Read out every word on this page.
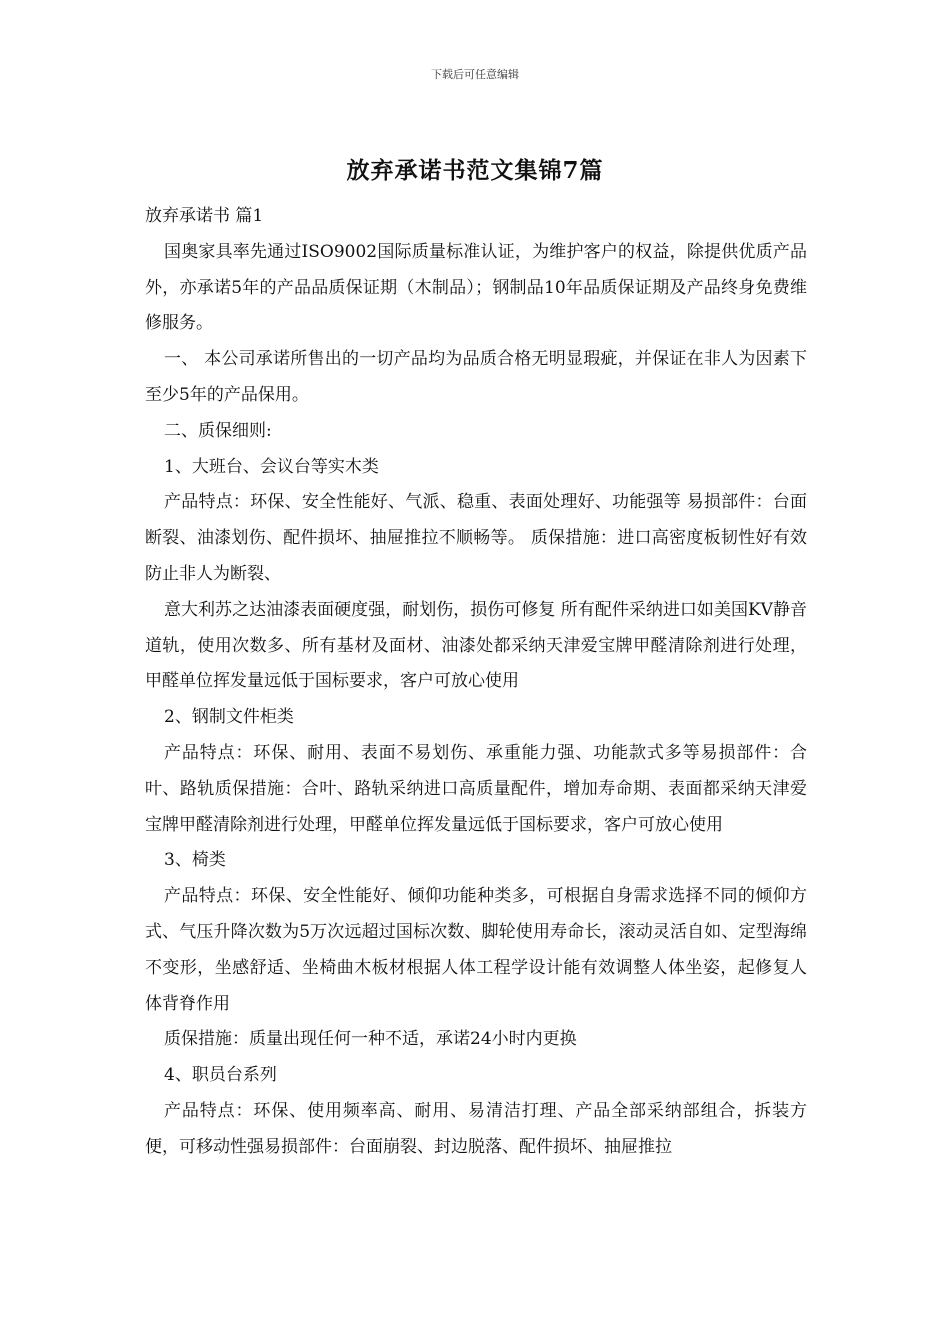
下载后可任意编辑
放弃承诺书范文集锦7篇

放弃承诺书 篇1

国奥家具率先通过ISO9002国际质量标准认证，为维护客户的权益，除提供优质产品外，亦承诺5年的产品品质保证期（木制品）；钢制品10年品质保证期及产品终身免费维修服务。

一、 本公司承诺所售出的一切产品均为品质合格无明显瑕疵，并保证在非人为因素下至少5年的产品保用。

二、质保细则:

1、大班台、会议台等实木类

产品特点：环保、安全性能好、气派、稳重、表面处理好、功能强等 易损部件：台面断裂、油漆划伤、配件损坏、抽屉推拉不顺畅等。 质保措施：进口高密度板韧性好有效防止非人为断裂、

意大利苏之达油漆表面硬度强，耐划伤，损伤可修复 所有配件采纳进口如美国KV静音道轨，使用次数多、所有基材及面材、油漆处都采纳天津爱宝牌甲醛清除剂进行处理，甲醛单位挥发量远低于国标要求，客户可放心使用

2、钢制文件柜类

产品特点：环保、耐用、表面不易划伤、承重能力强、功能款式多等易损部件：合叶、路轨质保措施：合叶、路轨采纳进口高质量配件，增加寿命期、表面都采纳天津爱宝牌甲醛清除剂进行处理，甲醛单位挥发量远低于国标要求，客户可放心使用

3、椅类

产品特点：环保、安全性能好、倾仰功能种类多，可根据自身需求选择不同的倾仰方式、气压升降次数为5万次远超过国标次数、脚轮使用寿命长，滚动灵活自如、定型海绵不变形，坐感舒适、坐椅曲木板材根据人体工程学设计能有效调整人体坐姿，起修复人体背脊作用

质保措施：质量出现任何一种不适，承诺24小时内更换

4、职员台系列

产品特点：环保、使用频率高、耐用、易清洁打理、产品全部采纳部组合，拆装方便，可移动性强易损部件：台面崩裂、封边脱落、配件损坏、抽屉推拉
